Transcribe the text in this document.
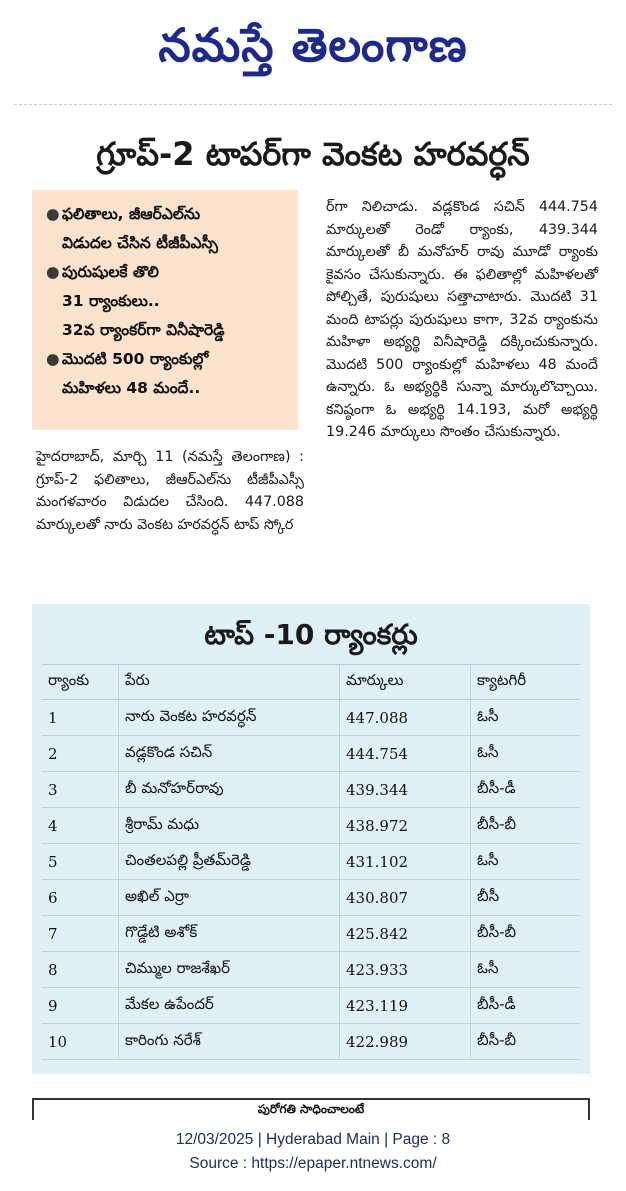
నమస్తే తెలంగాణ
గ్రూప్-2 టాపర్‌గా వెంకట హరవర్ధన్
● ఫలితాలు, జీఆర్ఎల్‌ను
విడుదల చేసిన టీజీపీఎస్సీ
● పురుషులకే తొలి
31 ర్యాంకులు..
32వ ర్యాంకర్‌గా వినీషారెడ్డి
● మొదటి 500 ర్యాంకుల్లో
మహిళలు 48 మందే..
హైదరాబాద్, మార్చి 11 (నమస్తే తెలంగాణ) : గ్రూప్-2 ఫలితాలు, జీఆర్ఎల్‌ను టీజీపీఎస్సీ మంగళవారం విడుదల చేసింది. 447.088 మార్కులతో నారు వెంకట హరవర్ధన్ టాప్ స్కోర
ర్‌గా నిలిచాడు. వడ్లకొండ సచిన్ 444.754 మార్కులతో రెండో ర్యాంకు, 439.344 మార్కులతో బీ మనోహర్ రావు మూడో ర్యాంకు కైవసం చేసుకున్నారు. ఈ ఫలితాల్లో మహిళలతో పోల్చితే, పురుషులు సత్తాచాటారు. మొదటి 31 మంది టాపర్లు పురుషులు కాగా, 32వ ర్యాంకును మహిళా అభ్యర్థి వినీషారెడ్డి దక్కించుకున్నారు. మొదటి 500 ర్యాంకుల్లో మహిళలు 48 మందే ఉన్నారు. ఓ అభ్యర్థికి సున్నా మార్కులొచ్చాయి. కనిష్ఠంగా ఓ అభ్యర్థి 14.193, మరో అభ్యర్థి 19.246 మార్కులు సొంతం చేసుకున్నారు.
టాప్ -10 ర్యాంకర్లు
ర్యాంకు	పేరు	మార్కులు	క్యాటగిరీ
1	నారు వెంకట హరవర్ధన్	447.088	ఓసీ
2	వడ్లకొండ సచిన్	444.754	ఓసీ
3	బీ మనోహర్‌రావు	439.344	బీసీ-డీ
4	శ్రీరామ్ మధు	438.972	బీసీ-బీ
5	చింతలపల్లి ప్రీతమ్‌రెడ్డి	431.102	ఓసీ
6	అఖిల్ ఎర్రా	430.807	బీసీ
7	గొడ్డేటి అశోక్	425.842	బీసీ-బీ
8	చిమ్ముల రాజశేఖర్	423.933	ఓసీ
9	మేకల ఉపేందర్	423.119	బీసీ-డీ
10	కారింగు నరేశ్	422.989	బీసీ-బీ
పురోగతి సాధించాలంటే
12/03/2025 | Hyderabad Main | Page : 8
Source : https://epaper.ntnews.com/
